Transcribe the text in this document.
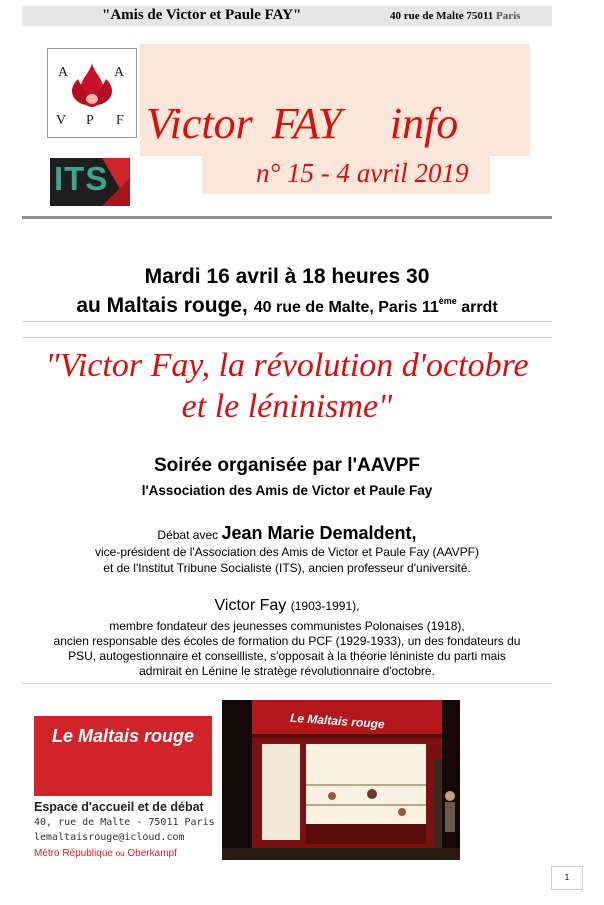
"Amis de Victor et Paule FAY"	40 rue de Malte 75011 Paris
A	A
V P F
ITS
Victor FAY info
n° 15 - 4 avril 2019
Mardi 16 avril à 18 heures 30
au Maltais rouge, 40 rue de Malte, Paris 11ème arrdt
"Victor Fay, la révolution d'octobre
et le léninisme"
Soirée organisée par l'AAVPF
l'Association des Amis de Victor et Paule Fay
Débat avec Jean Marie Demaldent,
vice-président de l'Association des Amis de Victor et Paule Fay (AAVPF)
et de l'Institut Tribune Socialiste (ITS), ancien professeur d'université.
Victor Fay (1903-1991),
membre fondateur des jeunesses communistes Polonaises (1918),
ancien responsable des écoles de formation du PCF (1929-1933), un des fondateurs du
PSU, autogestionnaire et conseilliste, s'opposait à la théorie léniniste du parti mais
admirait en Lénine le stratège révolutionnaire d'octobre.
Le Maltais rouge
Espace d'accueil et de débat
40, rue de Malte - 75011 Paris
lemaltaisrouge@icloud.com
Métro République ou Oberkampf
Le Maltais rouge
1
